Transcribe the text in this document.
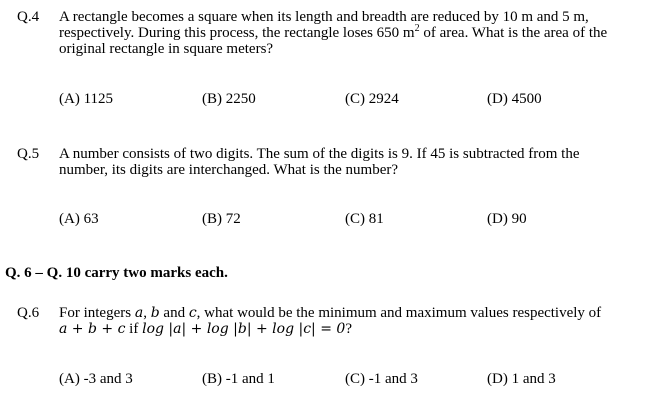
Q.4 A rectangle becomes a square when its length and breadth are reduced by 10 m and 5 m,
respectively. During this process, the rectangle loses 650 $m^2$ of area. What is the area of the
original rectangle in square meters?
(A) 1125	(B) 2250	(C) 2924	(D) 4500
Q.5 A number consists of two digits. The sum of the digits is 9. If 45 is subtracted from the
number, its digits are interchanged. What is the number?
(A) 63	(B) 72	(C) 81	(D) 90
Q. 6 – Q. 10 carry two marks each.
Q.6 For integers a, b and c, what would be the minimum and maximum values respectively of
a + b + c if log |a| + log |b| + log |c| = 0?
(A) -3 and 3	(B) -1 and 1	(C) -1 and 3	(D) 1 and 3
